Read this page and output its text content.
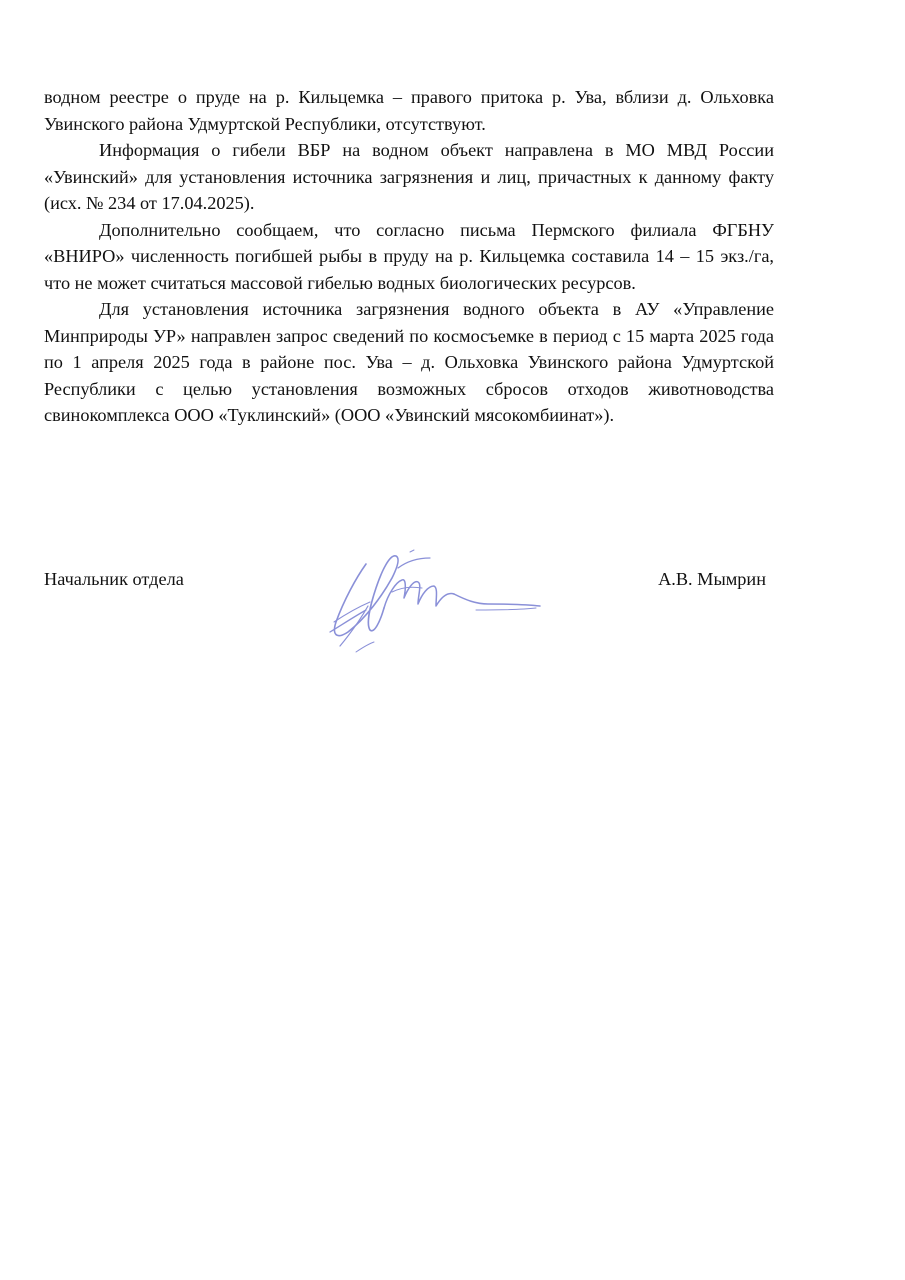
водном реестре о пруде на р. Кильцемка – правого притока р. Ува, вблизи д. Ольховка Увинского района Удмуртской Республики, отсутствуют.

Информация о гибели ВБР на водном объект направлена в МО МВД России «Увинский» для установления источника загрязнения и лиц, причастных к данному факту (исх. № 234 от 17.04.2025).

Дополнительно сообщаем, что согласно письма Пермского филиала ФГБНУ «ВНИРО» численность погибшей рыбы в пруду на р. Кильцемка составила 14 – 15 экз./га, что не может считаться массовой гибелью водных биологических ресурсов.

Для установления источника загрязнения водного объекта в АУ «Управление Минприроды УР» направлен запрос сведений по космосъемке в период с 15 марта 2025 года по 1 апреля 2025 года в районе пос. Ува – д. Ольховка Увинского района Удмуртской Республики с целью установления возможных сбросов отходов животноводства свинокомплекса ООО «Туклинский» (ООО «Увинский мясокомбиинат»).

Начальник отдела	А.В. Мымрин
